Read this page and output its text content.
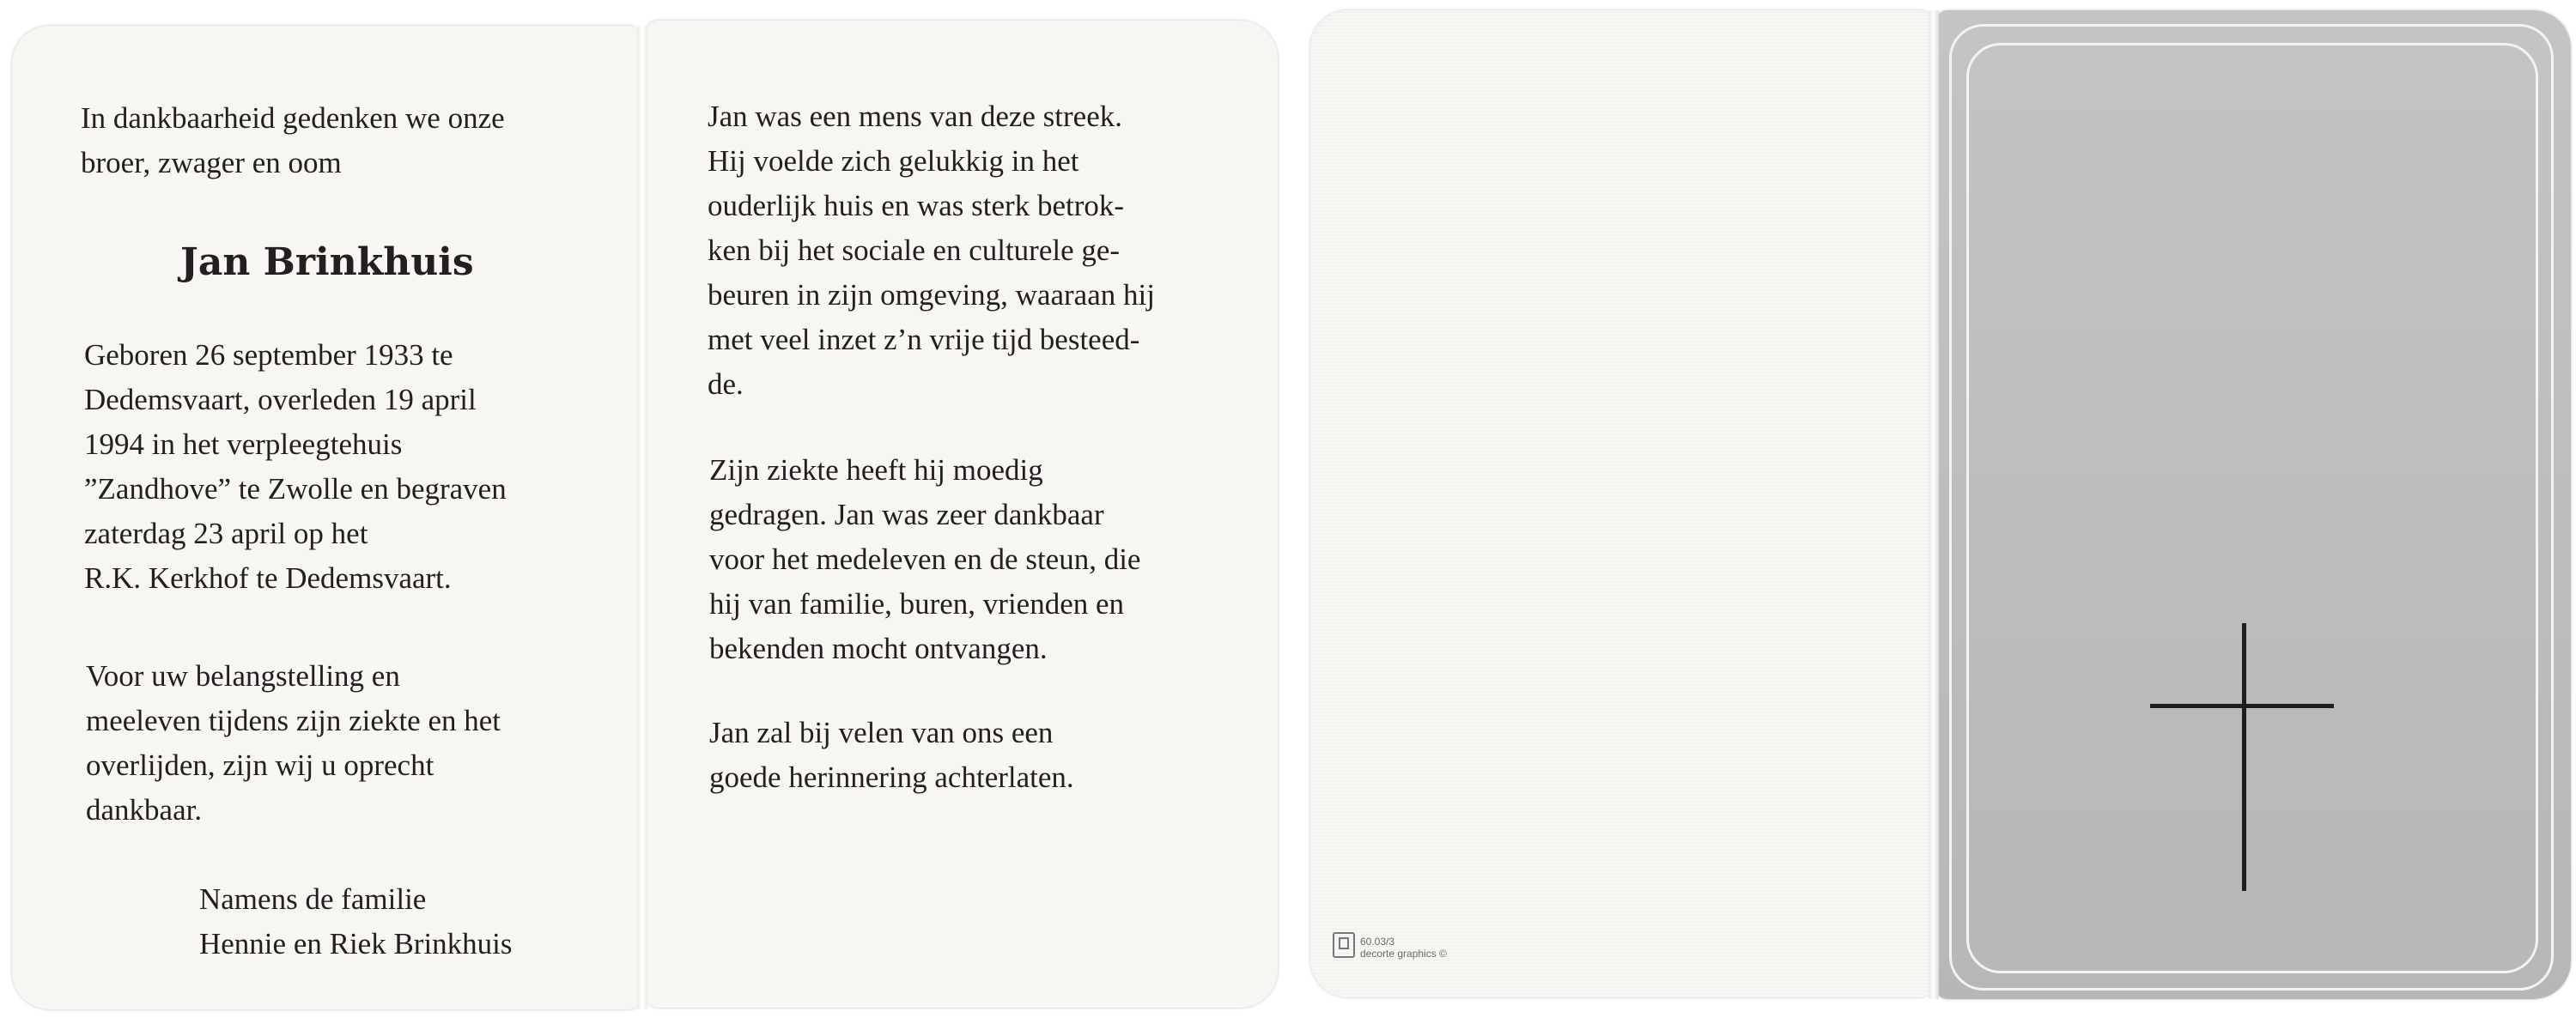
In dankbaarheid gedenken we onze

broer, zwager en oom

Jan Brinkhuis

Geboren 26 september 1933 te

Dedemsvaart, overleden 19 april

1994 in het verpleegtehuis

”Zandhove” te Zwolle en begraven

zaterdag 23 april op het

R.K. Kerkhof te Dedemsvaart.

Voor uw belangstelling en

meeleven tijdens zijn ziekte en het

overlijden, zijn wij u oprecht

dankbaar.

Namens de familie

Hennie en Riek Brinkhuis

Jan was een mens van deze streek.

Hij voelde zich gelukkig in het

ouderlijk huis en was sterk betrok-

ken bij het sociale en culturele ge-

beuren in zijn omgeving, waaraan hij

met veel inzet z’n vrije tijd besteed-

de.

Zijn ziekte heeft hij moedig

gedragen. Jan was zeer dankbaar

voor het medeleven en de steun, die

hij van familie, buren, vrienden en

bekenden mocht ontvangen.

Jan zal bij velen van ons een

goede herinnering achterlaten.

60.03/3

decorte graphics ©
